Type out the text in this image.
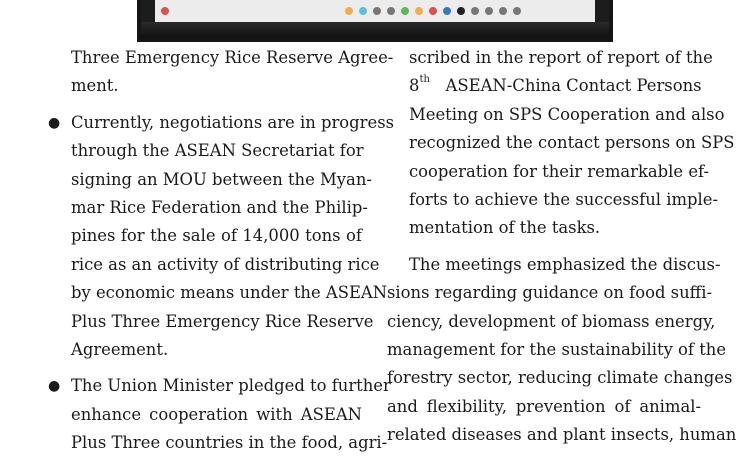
Three Emergency Rice Reserve Agree-
ment.
● Currently, negotiations are in progress
through the ASEAN Secretariat for
signing an MOU between the Myan-
mar Rice Federation and the Philip-
pines for the sale of 14,000 tons of
rice as an activity of distributing rice
by economic means under the ASEAN
Plus Three Emergency Rice Reserve
Agreement.
● The Union Minister pledged to further
enhance cooperation with ASEAN
Plus Three countries in the food, agri-
scribed in the report of report of the
8th ASEAN-China Contact Persons
Meeting on SPS Cooperation and also
recognized the contact persons on SPS
cooperation for their remarkable ef-
forts to achieve the successful imple-
mentation of the tasks.
The meetings emphasized the discus-
sions regarding guidance on food suffi-
ciency, development of biomass energy,
management for the sustainability of the
forestry sector, reducing climate changes
and flexibility, prevention of animal-
related diseases and plant insects, human
